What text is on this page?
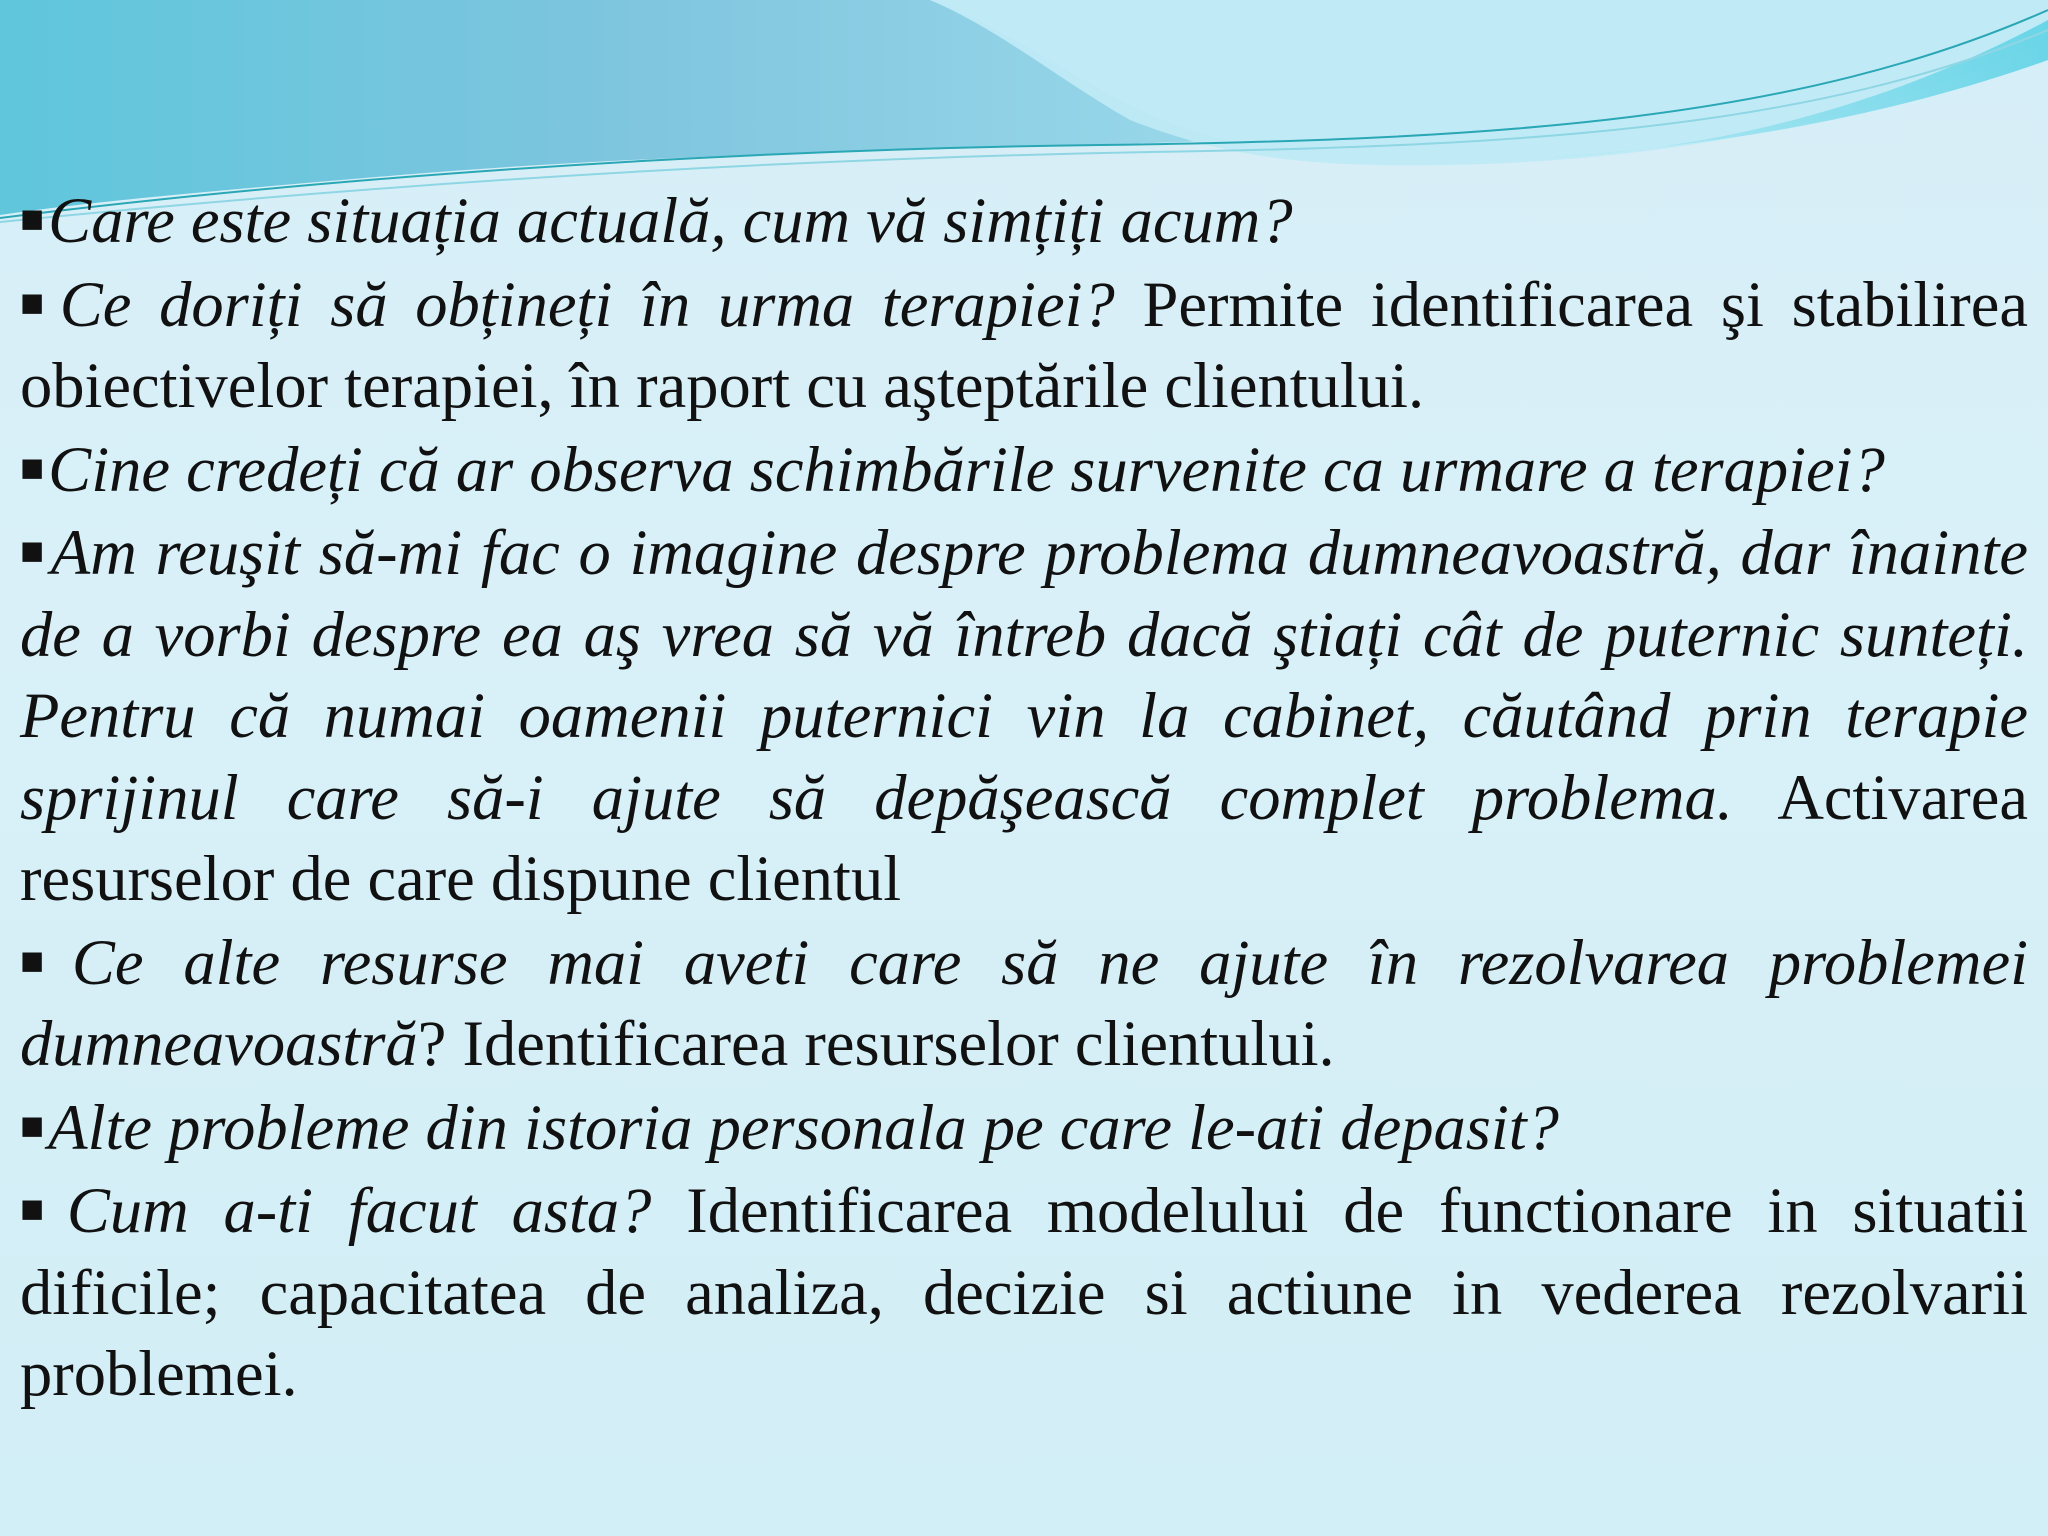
■Care este situația actuală, cum vă simțiți acum?

■Ce doriți să obțineți în urma terapiei? Permite identificarea şi stabilirea obiectivelor terapiei, în raport cu aşteptările clientului.

■Cine credeți că ar observa schimbările survenite ca urmare a terapiei?

■Am reuşit să-mi fac o imagine despre problema dumneavoastră, dar înainte de a vorbi despre ea aş vrea să vă întreb dacă ştiați cât de puternic sunteți. Pentru că numai oamenii puternici vin la cabinet, căutând prin terapie sprijinul care să-i ajute să depăşească complet problema. Activarea resurselor de care dispune clientul

■Ce alte resurse mai aveti care să ne ajute în rezolvarea problemei dumneavoastră? Identificarea resurselor clientului.

■Alte probleme din istoria personala pe care le-ati depasit?

■Cum a-ti facut asta? Identificarea modelului de functionare in situatii dificile; capacitatea de analiza, decizie si actiune in vederea rezolvarii problemei.
